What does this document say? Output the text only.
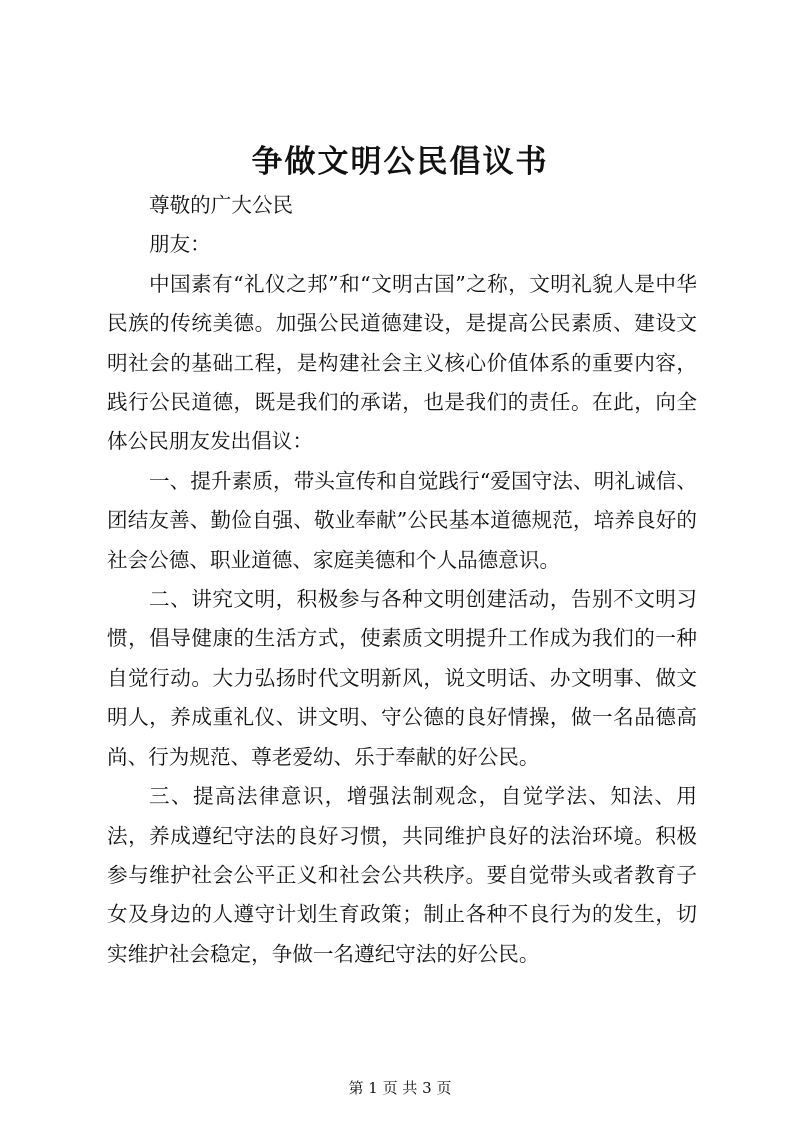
争做文明公民倡议书

尊敬的广大公民

朋友：

中国素有“礼仪之邦”和“文明古国”之称，文明礼貌人是中华民族的传统美德。加强公民道德建设，是提高公民素质、建设文明社会的基础工程，是构建社会主义核心价值体系的重要内容，践行公民道德，既是我们的承诺，也是我们的责任。在此，向全体公民朋友发出倡议：

一、提升素质，带头宣传和自觉践行“爱国守法、明礼诚信、团结友善、勤俭自强、敬业奉献”公民基本道德规范，培养良好的社会公德、职业道德、家庭美德和个人品德意识。

二、讲究文明，积极参与各种文明创建活动，告别不文明习惯，倡导健康的生活方式，使素质文明提升工作成为我们的一种自觉行动。大力弘扬时代文明新风，说文明话、办文明事、做文明人，养成重礼仪、讲文明、守公德的良好情操，做一名品德高尚、行为规范、尊老爱幼、乐于奉献的好公民。

三、提高法律意识，增强法制观念，自觉学法、知法、用法，养成遵纪守法的良好习惯，共同维护良好的法治环境。积极参与维护社会公平正义和社会公共秩序。要自觉带头或者教育子女及身边的人遵守计划生育政策；制止各种不良行为的发生，切实维护社会稳定，争做一名遵纪守法的好公民。

第 1 页 共 3 页
